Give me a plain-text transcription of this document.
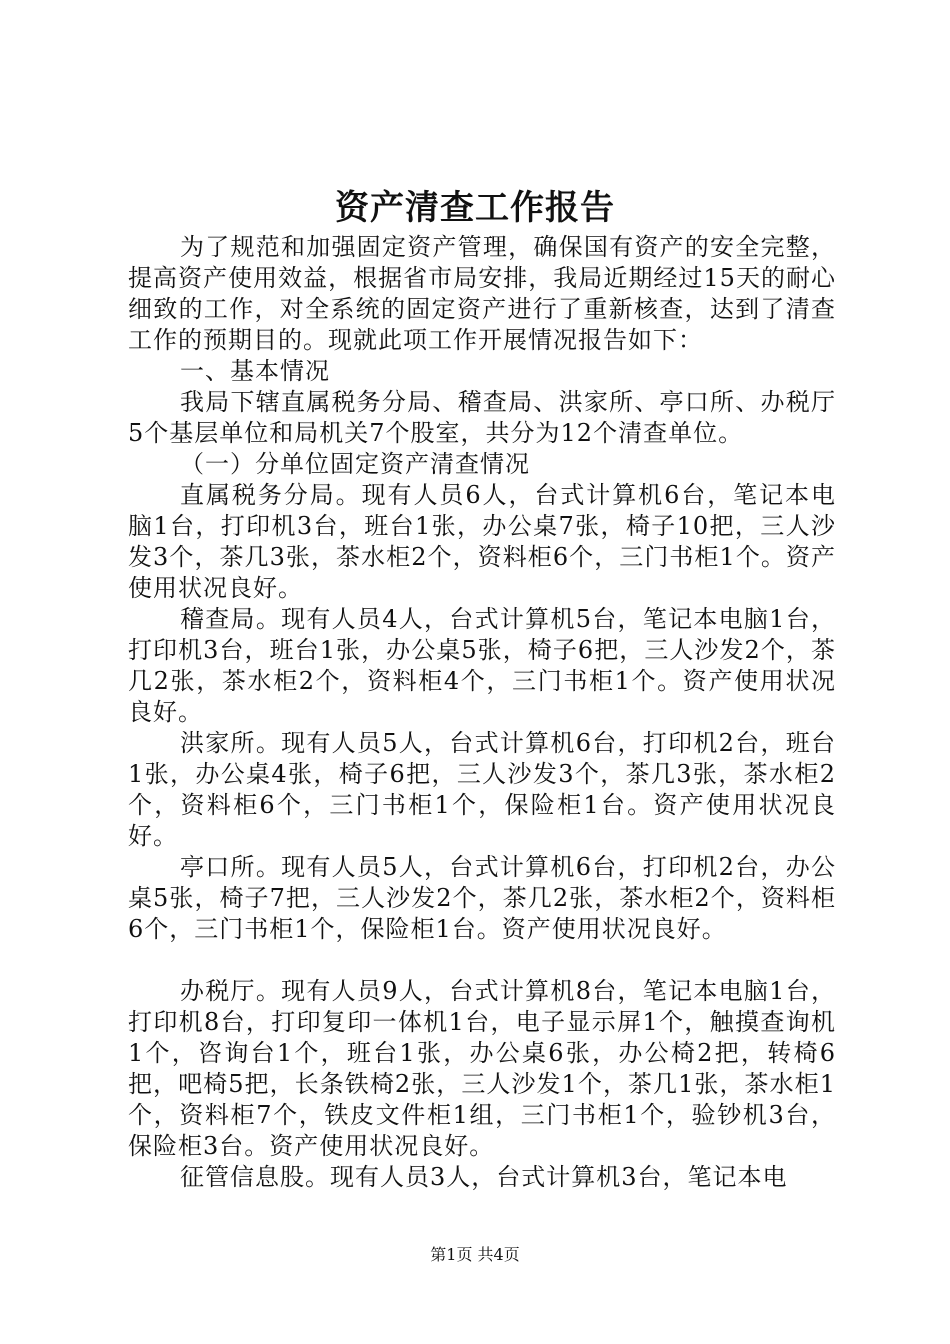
资产清查工作报告

为了规范和加强固定资产管理，确保国有资产的安全完整，提高资产使用效益，根据省市局安排，我局近期经过15天的耐心细致的工作，对全系统的固定资产进行了重新核查，达到了清查工作的预期目的。现就此项工作开展情况报告如下：

一、基本情况

我局下辖直属税务分局、稽查局、洪家所、亭口所、办税厅5个基层单位和局机关7个股室，共分为12个清查单位。

（一）分单位固定资产清查情况

直属税务分局。现有人员6人，台式计算机6台，笔记本电脑1台，打印机3台，班台1张，办公桌7张，椅子10把，三人沙发3个，茶几3张，茶水柜2个，资料柜6个，三门书柜1个。资产使用状况良好。

稽查局。现有人员4人，台式计算机5台，笔记本电脑1台，打印机3台，班台1张，办公桌5张，椅子6把，三人沙发2个，茶几2张，茶水柜2个，资料柜4个，三门书柜1个。资产使用状况良好。

洪家所。现有人员5人，台式计算机6台，打印机2台，班台1张，办公桌4张，椅子6把，三人沙发3个，茶几3张，茶水柜2个，资料柜6个，三门书柜1个，保险柜1台。资产使用状况良好。

亭口所。现有人员5人，台式计算机6台，打印机2台，办公桌5张，椅子7把，三人沙发2个，茶几2张，茶水柜2个，资料柜6个，三门书柜1个，保险柜1台。资产使用状况良好。

办税厅。现有人员9人，台式计算机8台，笔记本电脑1台，打印机8台，打印复印一体机1台，电子显示屏1个，触摸查询机1个，咨询台1个，班台1张，办公桌6张，办公椅2把，转椅6把，吧椅5把，长条铁椅2张，三人沙发1个，茶几1张，茶水柜1个，资料柜7个，铁皮文件柜1组，三门书柜1个，验钞机3台，保险柜3台。资产使用状况良好。

征管信息股。现有人员3人，台式计算机3台，笔记本电

第1页 共4页
